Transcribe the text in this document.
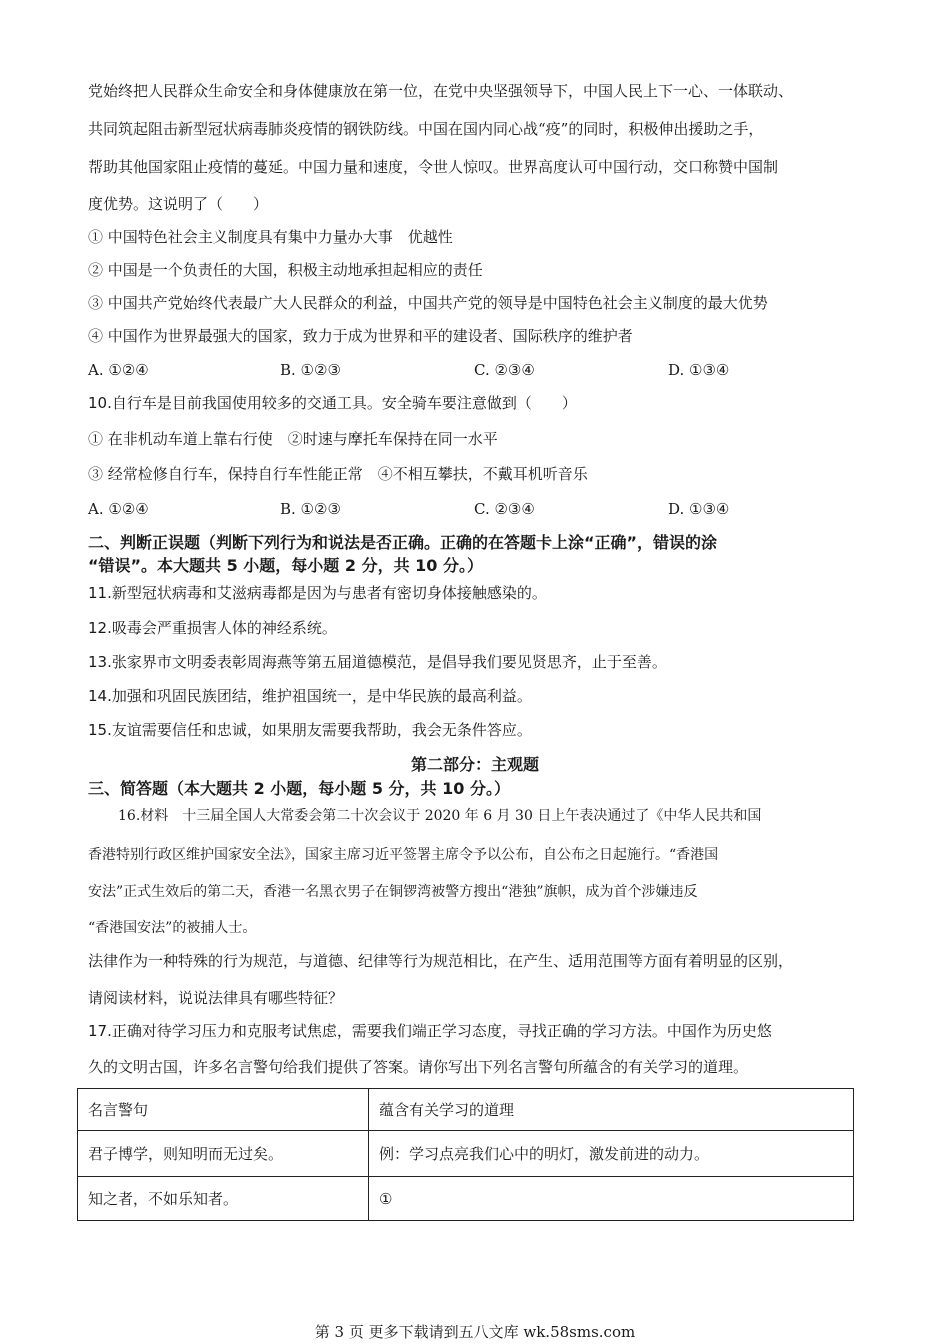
党始终把人民群众生命安全和身体健康放在第一位，在党中央坚强领导下，中国人民上下一心、一体联动、
共同筑起阻击新型冠状病毒肺炎疫情的钢铁防线。中国在国内同心战“疫”的同时，积极伸出援助之手，
帮助其他国家阻止疫情的蔓延。中国力量和速度，令世人惊叹。世界高度认可中国行动，交口称赞中国制
度优势。这说明了（　　）
① 中国特色社会主义制度具有集中力量办大事　优越性
② 中国是一个负责任的大国，积极主动地承担起相应的责任
③ 中国共产党始终代表最广大人民群众的利益，中国共产党的领导是中国特色社会主义制度的最大优势
④ 中国作为世界最强大的国家，致力于成为世界和平的建设者、国际秩序的维护者
A. ①②④	B. ①②③	C. ②③④	D. ①③④
10.自行车是目前我国使用较多的交通工具。安全骑车要注意做到（　　）
① 在非机动车道上靠右行使　②时速与摩托车保持在同一水平
③ 经常检修自行车，保持自行车性能正常　④不相互攀扶，不戴耳机听音乐
A. ①②④	B. ①②③	C. ②③④	D. ①③④
二、判断正误题（判断下列行为和说法是否正确。正确的在答题卡上涂“正确”，错误的涂
“错误”。本大题共 5 小题，每小题 2 分，共 10 分。）
11.新型冠状病毒和艾滋病毒都是因为与患者有密切身体接触感染的。
12.吸毒会严重损害人体的神经系统。
13.张家界市文明委表彰周海燕等第五届道德模范，是倡导我们要见贤思齐，止于至善。
14.加强和巩固民族团结，维护祖国统一，是中华民族的最高利益。
15.友谊需要信任和忠诚，如果朋友需要我帮助，我会无条件答应。
第二部分：主观题
三、简答题（本大题共 2 小题，每小题 5 分，共 10 分。）
16.材料　十三届全国人大常委会第二十次会议于 2020 年 6 月 30 日上午表决通过了《中华人民共和国
香港特别行政区维护国家安全法》，国家主席习近平签署主席令予以公布，自公布之日起施行。“香港国
安法”正式生效后的第二天，香港一名黑衣男子在铜锣湾被警方搜出“港独”旗帜，成为首个涉嫌违反
“香港国安法”的被捕人士。
法律作为一种特殊的行为规范，与道德、纪律等行为规范相比，在产生、适用范围等方面有着明显的区别，
请阅读材料，说说法律具有哪些特征？
17.正确对待学习压力和克服考试焦虑，需要我们端正学习态度，寻找正确的学习方法。中国作为历史悠
久的文明古国，许多名言警句给我们提供了答案。请你写出下列名言警句所蕴含的有关学习的道理。
名言警句	蕴含有关学习的道理
君子博学，则知明而无过矣。	例：学习点亮我们心中的明灯，激发前进的动力。
知之者，不如乐知者。	①
第 3 页 更多下载请到五八文库 wk.58sms.com
